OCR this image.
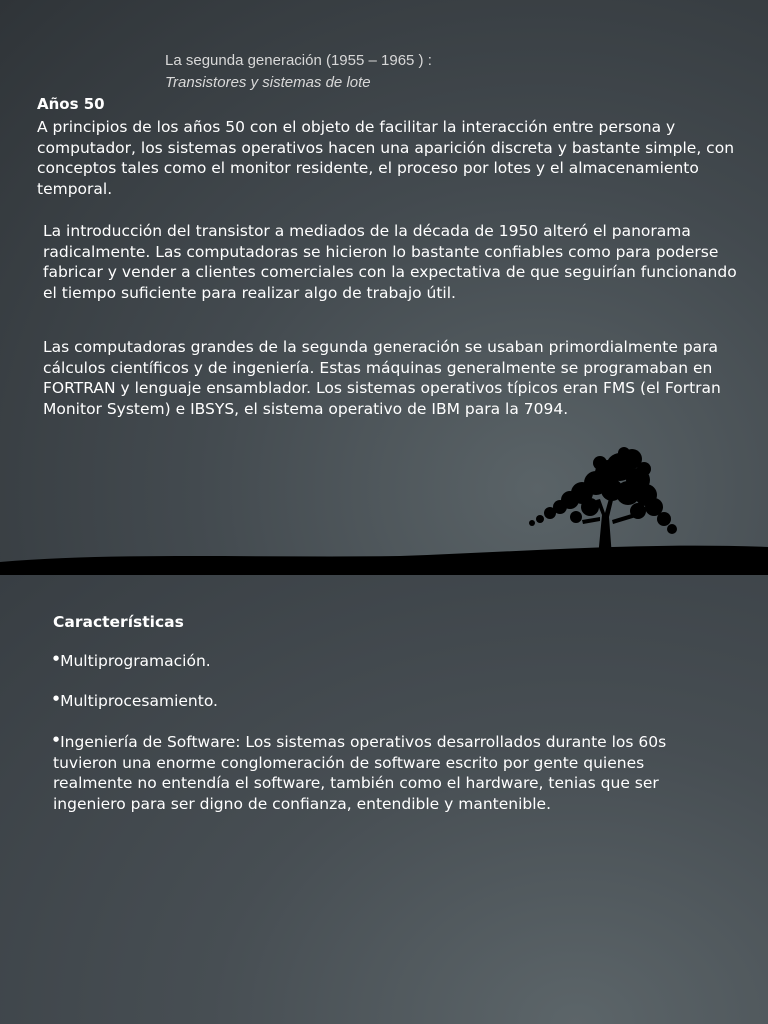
La segunda generación (1955 – 1965 ) :
Transistores y sistemas de lote
Años 50

A principios de los años 50 con el objeto de facilitar la interacción entre persona y computador, los sistemas operativos hacen una aparición discreta y bastante simple, con conceptos tales como el monitor residente, el proceso por lotes y el almacenamiento temporal.

La introducción del transistor a mediados de la década de 1950 alteró el panorama radicalmente. Las computadoras se hicieron lo bastante confiables como para poderse fabricar y vender a clientes comerciales con la expectativa de que seguirían funcionando el tiempo suficiente para realizar algo de trabajo útil.

Las computadoras grandes de la segunda generación se usaban primordialmente para cálculos científicos y de ingeniería. Estas máquinas generalmente se programaban en FORTRAN y lenguaje ensamblador. Los sistemas operativos típicos eran FMS (el Fortran Monitor System) e IBSYS, el sistema operativo de IBM para la 7094.

Características
●Multiprogramación.
●Multiprocesamiento.
●Ingeniería de Software: Los sistemas operativos desarrollados durante los 60s tuvieron una enorme conglomeración de software escrito por gente quienes realmente no entendía el software, también como el hardware, tenias que ser ingeniero para ser digno de confianza, entendible y mantenible.
